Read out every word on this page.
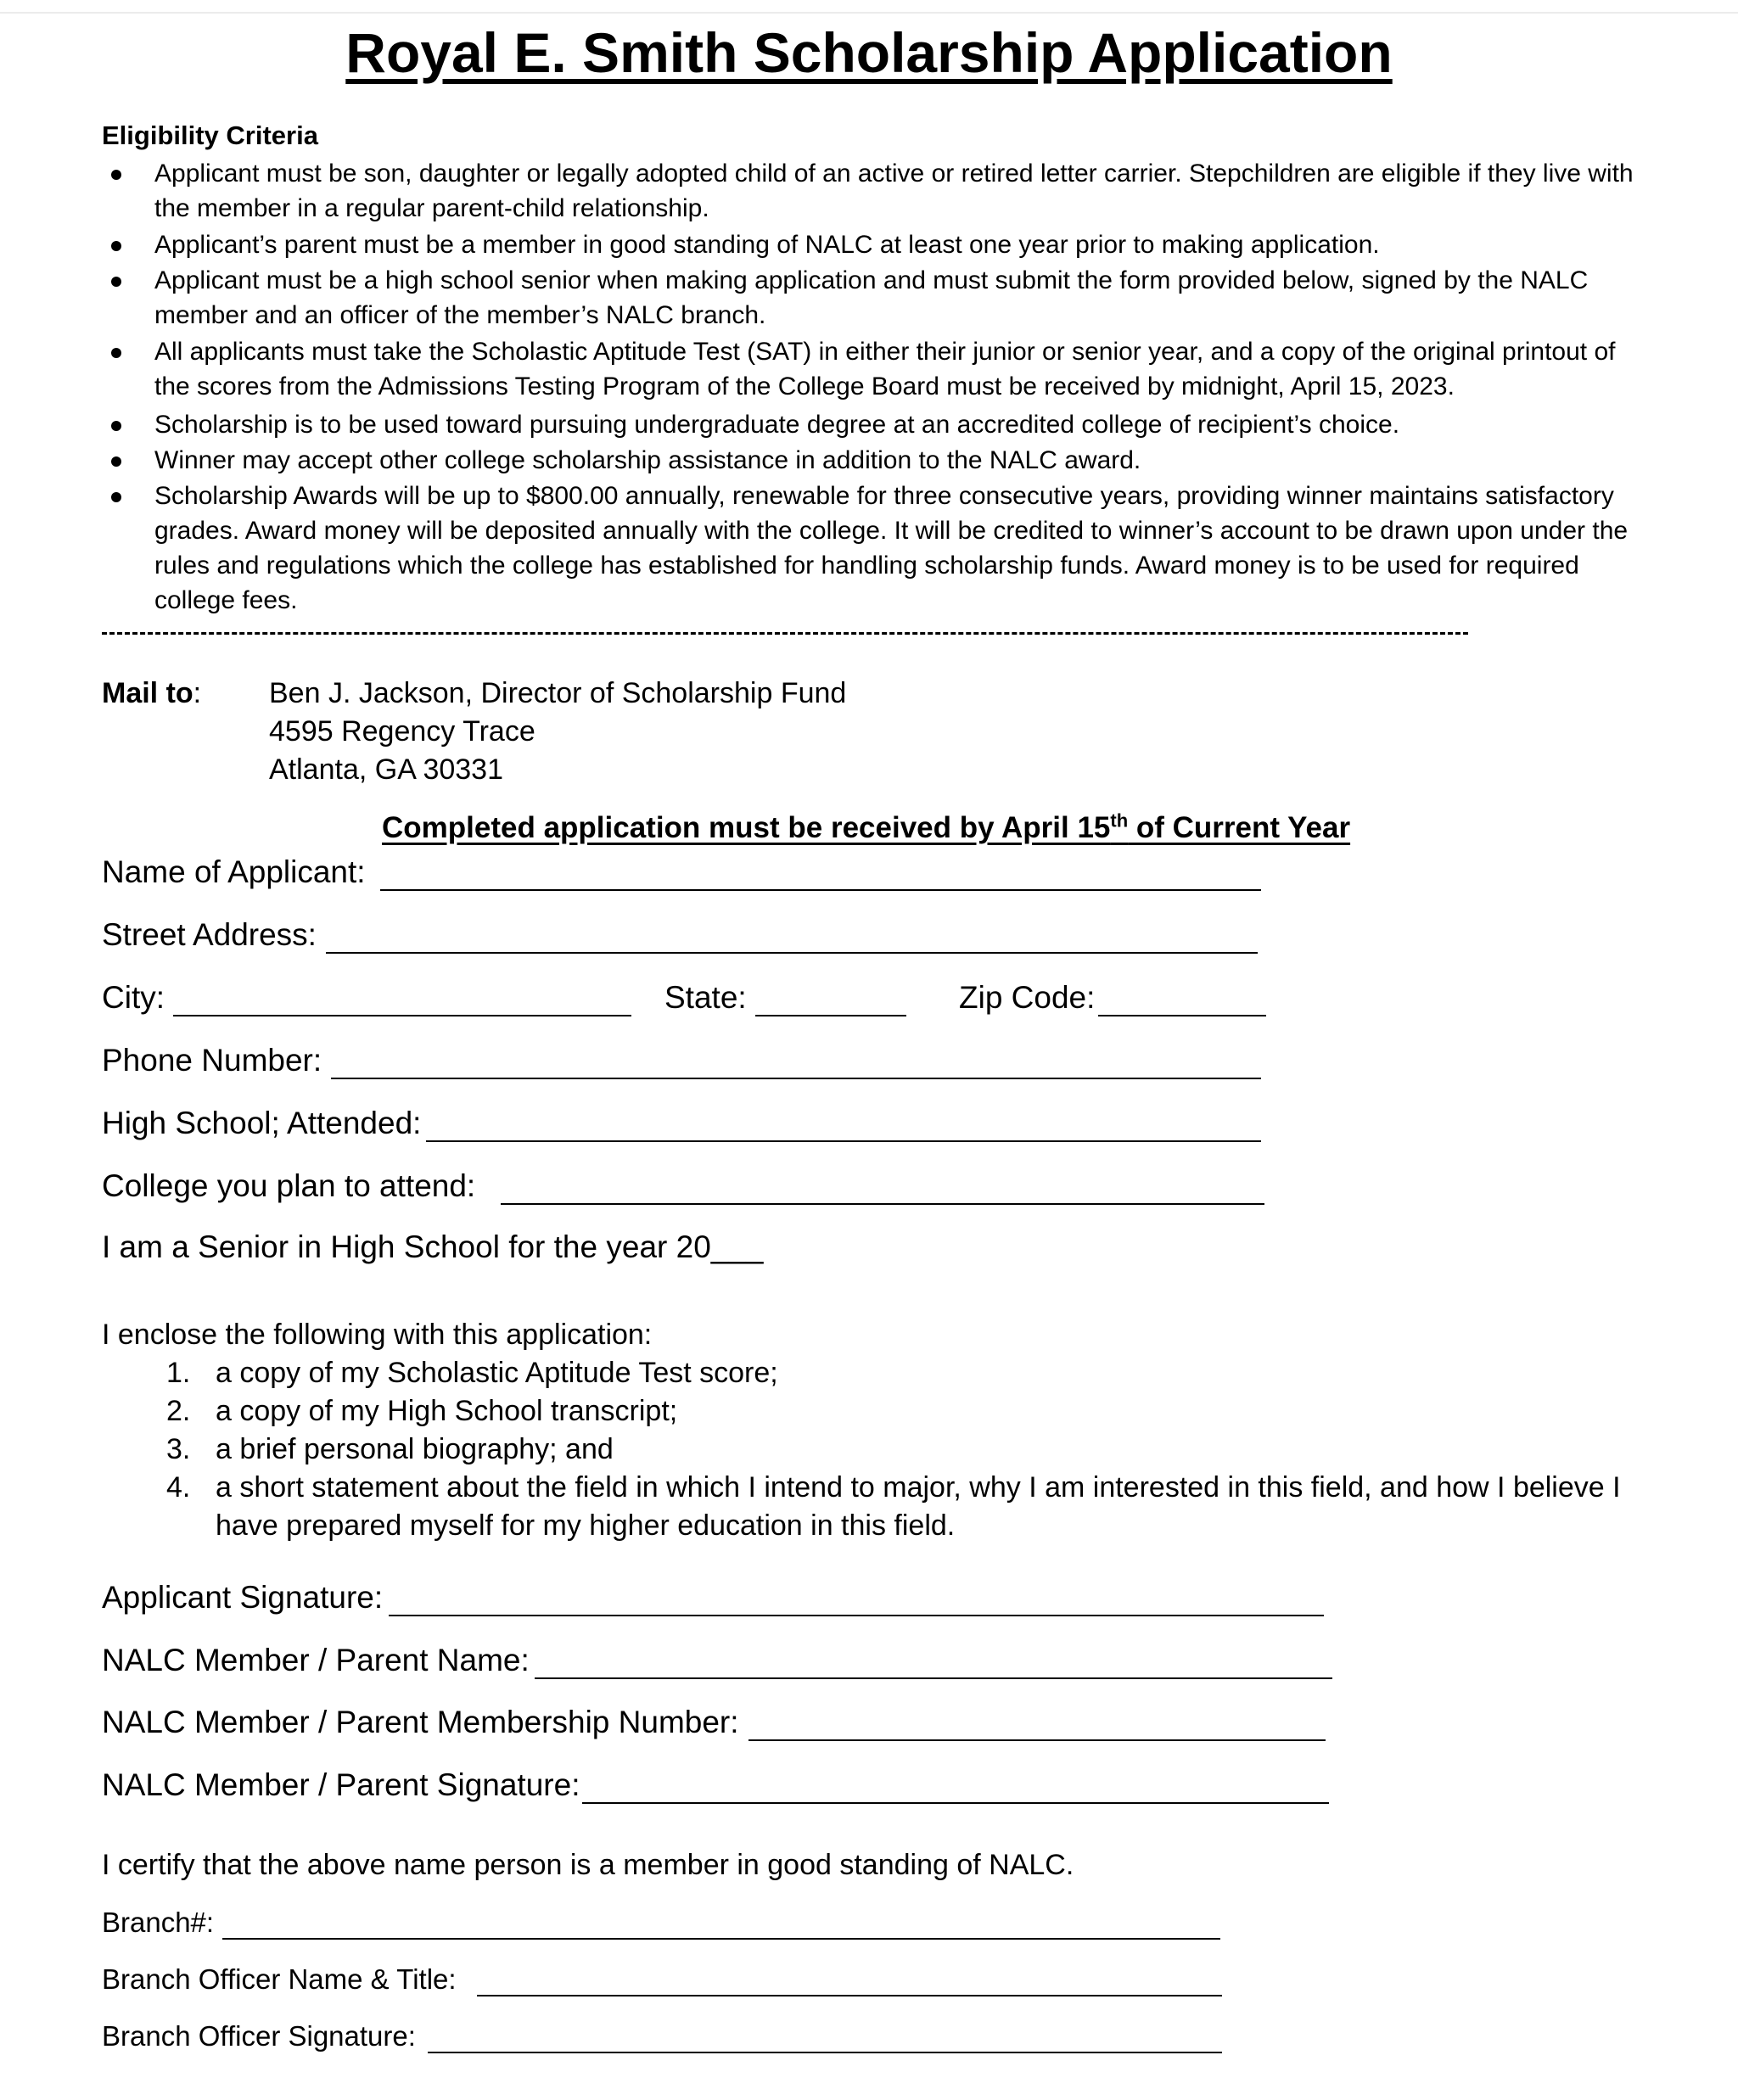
Royal E. Smith Scholarship Application
Eligibility Criteria
Applicant must be son, daughter or legally adopted child of an active or retired letter carrier. Stepchildren are eligible if they live with the member in a regular parent-child relationship.
Applicant’s parent must be a member in good standing of NALC at least one year prior to making application.
Applicant must be a high school senior when making application and must submit the form provided below, signed by the NALC member and an officer of the member’s NALC branch.
All applicants must take the Scholastic Aptitude Test (SAT) in either their junior or senior year, and a copy of the original printout of the scores from the Admissions Testing Program of the College Board must be received by midnight, April 15, 2023.
Scholarship is to be used toward pursuing undergraduate degree at an accredited college of recipient’s choice.
Winner may accept other college scholarship assistance in addition to the NALC award.
Scholarship Awards will be up to $800.00 annually, renewable for three consecutive years, providing winner maintains satisfactory grades. Award money will be deposited annually with the college. It will be credited to winner’s account to be drawn upon under the rules and regulations which the college has established for handling scholarship funds. Award money is to be used for required college fees.
Mail to: Ben J. Jackson, Director of Scholarship Fund
4595 Regency Trace
Atlanta, GA 30331
Completed application must be received by April 15th of Current Year
Name of Applicant:
Street Address:
City:	State:	Zip Code:
Phone Number:
High School; Attended:
College you plan to attend:
I am a Senior in High School for the year 20___
I enclose the following with this application:
1. a copy of my Scholastic Aptitude Test score;
2. a copy of my High School transcript;
3. a brief personal biography; and
4. a short statement about the field in which I intend to major, why I am interested in this field, and how I believe I have prepared myself for my higher education in this field.
Applicant Signature:
NALC Member / Parent Name:
NALC Member / Parent Membership Number:
NALC Member / Parent Signature:
I certify that the above name person is a member in good standing of NALC.
Branch#:
Branch Officer Name & Title:
Branch Officer Signature:
